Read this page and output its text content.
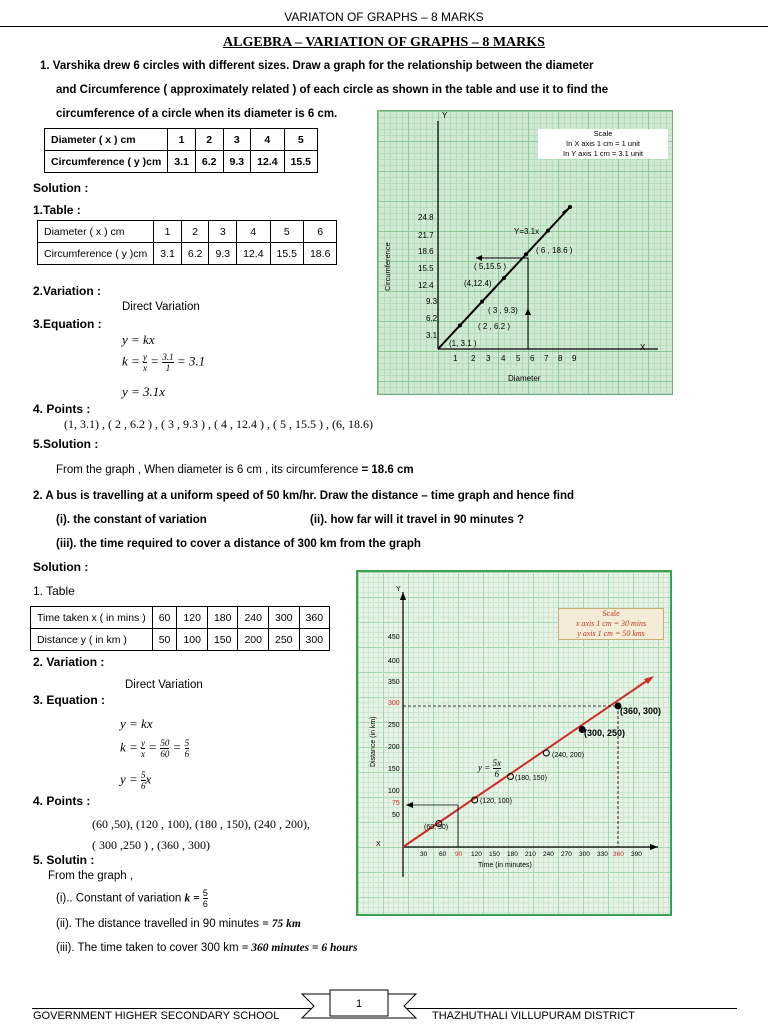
VARIATON OF GRAPHS – 8 MARKS
ALGEBRA – VARIATION OF GRAPHS – 8 MARKS
1. Varshika drew 6 circles with different sizes. Draw a graph for the relationship between the diameter
and Circumference ( approximately related ) of each circle as shown in the table and use it to find the
circumference of a circle when its diameter is 6 cm.
Diameter ( x ) cm	1	2	3	4	5
Circumference ( y )cm	3.1	6.2	9.3	12.4	15.5
Solution :
1.Table :
Diameter ( x ) cm	1	2	3	4	5	6
Circumference ( y )cm	3.1	6.2	9.3	12.4	15.5	18.6
2.Variation :
Direct Variation
3.Equation :
y = kx
$k = \frac{y}{x} = \frac{3.1}{1} = 3.1$
y = 3.1x
4. Points :
(1, 3.1) , ( 2 , 6.2 ) , ( 3 , 9.3 ) , ( 4 , 12.4 ) , ( 5 , 15.5 ) , (6, 18.6)
5.Solution :
From the graph , When diameter is 6 cm , its circumference = 18.6 cm
Y
X
Scale
In X axis 1 cm = 1 unit
In Y axis 1 cm = 3.1 unit
24.8
21.7
18.6
15.5
12.4
9.3
6.2
3.1
1 2 3 4 5 6 7 8 9
Circumference
Diameter
Y=3.1x
(1, 3.1 )
( 2 , 6.2 )
( 3 , 9.3)
(4,12.4)
( 5,15.5 )
( 6 , 18.6 )
2. A bus is travelling at a uniform speed of 50 km/hr. Draw the distance – time graph and hence find
(i). the constant of variation	(ii). how far will it travel in 90 minutes ?
(iii). the time required to cover a distance of 300 km from the graph
Solution :
1. Table
Time taken x ( in mins )	60	120	180	240	300	360
Distance y ( in km )	50	100	150	200	250	300
2. Variation :
Direct Variation
3. Equation :
y = kx
$k = \frac{y}{x} = \frac{50}{60} = \frac{5}{6}$
$y = \frac{5}{6}$ x
4. Points :
(60 ,50), (120 , 100), (180 , 150), (240 , 200),
( 300 ,250 ) , (360 , 300)
5. Solutin :
From the graph ,
(i).. Constant of variation $k = \frac{5}{6}$
(ii). The distance travelled in 90 minutes = 75 km
(iii). The time taken to cover 300 km = 360 minutes = 6 hours
Y
X
Scale
x axis 1 cm = 30 mins
y axis 1 cm = 50 kms
450
400
350
300
250
200
150
100
75
50
30 60 90 120 150 180 210 240 270 300 330 360 390
Distance (in km)
Time (in minutes)
$y = \frac{5x}{6}$
(60, 50)
(120, 100)
(180, 150)
(240, 200)
(300, 250)
(360, 300)
GOVERNMENT HIGHER SECONDARY SCHOOL	THAZHUTHALI VILLUPURAM DISTRICT
1
